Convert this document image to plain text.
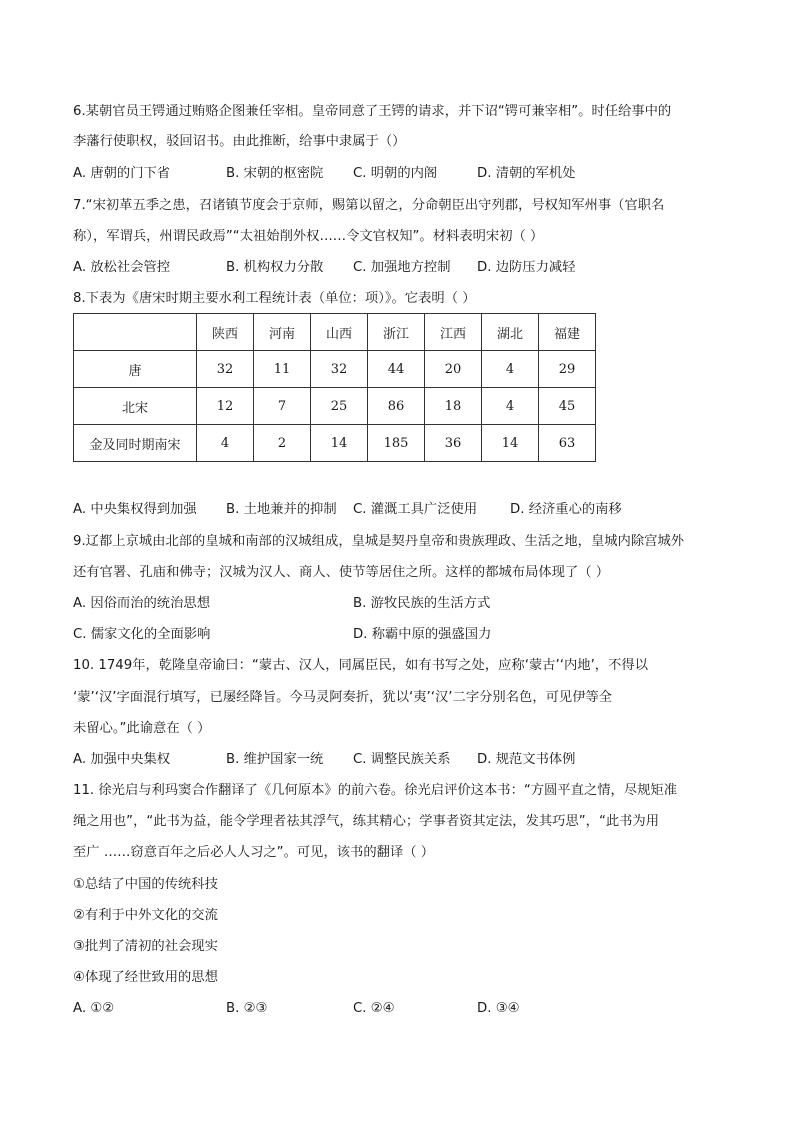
6.某朝官员王锷通过贿赂企图兼任宰相。皇帝同意了王锷的请求，并下诏“锷可兼宰相”。时任给事中的
李藩行使职权，驳回诏书。由此推断，给事中隶属于（）
A. 唐朝的门下省	B. 宋朝的枢密院 C. 明朝的内阁	D. 清朝的军机处
7.“宋初革五季之患，召诸镇节度会于京师，赐第以留之，分命朝臣出守列郡，号权知军州事（官职名
称），军谓兵，州谓民政焉”“太祖始削外权……令文官权知”。材料表明宋初（ ）
A. 放松社会管控	B. 机构权力分散 C. 加强地方控制 D. 边防压力减轻
8.下表为《唐宋时期主要水利工程统计表（单位：项）》。它表明（ ）
	陕西	河南	山西	浙江	江西	湖北	福建
唐	32	11	32	44	20	4	29
北宋	12	7	25	86	18	4	45
金及同时期南宋	4	2	14	185	36	14	63
A. 中央集权得到加强 B. 土地兼并的抑制 C. 灌溉工具广泛使用 D. 经济重心的南移
9.辽都上京城由北部的皇城和南部的汉城组成，皇城是契丹皇帝和贵族理政、生活之地，皇城内除宫城外
还有官署、孔庙和佛寺；汉城为汉人、商人、使节等居住之所。这样的都城布局体现了（ ）
A. 因俗而治的统治思想	B. 游牧民族的生活方式
C. 儒家文化的全面影响	D. 称霸中原的强盛国力
10. 1749年，乾隆皇帝谕曰：“蒙古、汉人，同属臣民，如有书写之处，应称‘蒙古’‘内地’，不得以
‘蒙’‘汉’字面混行填写，已屡经降旨。今马灵阿奏折，犹以‘夷’‘汉’二字分别名色，可见伊等全
未留心。”此谕意在（ ）
A. 加强中央集权	B. 维护国家一统 C. 调整民族关系 D. 规范文书体例
11. 徐光启与利玛窦合作翻译了《几何原本》的前六卷。徐光启评价这本书：“方圆平直之情，尽规矩准
绳之用也”，“此书为益，能令学理者祛其浮气，练其精心；学事者资其定法，发其巧思”，“此书为用
至广 ……窃意百年之后必人人习之”。可见，该书的翻译（ ）
①总结了中国的传统科技
②有利于中外文化的交流
③批判了清初的社会现实
④体现了经世致用的思想
A. ①②	B. ②③	C. ②④	D. ③④
